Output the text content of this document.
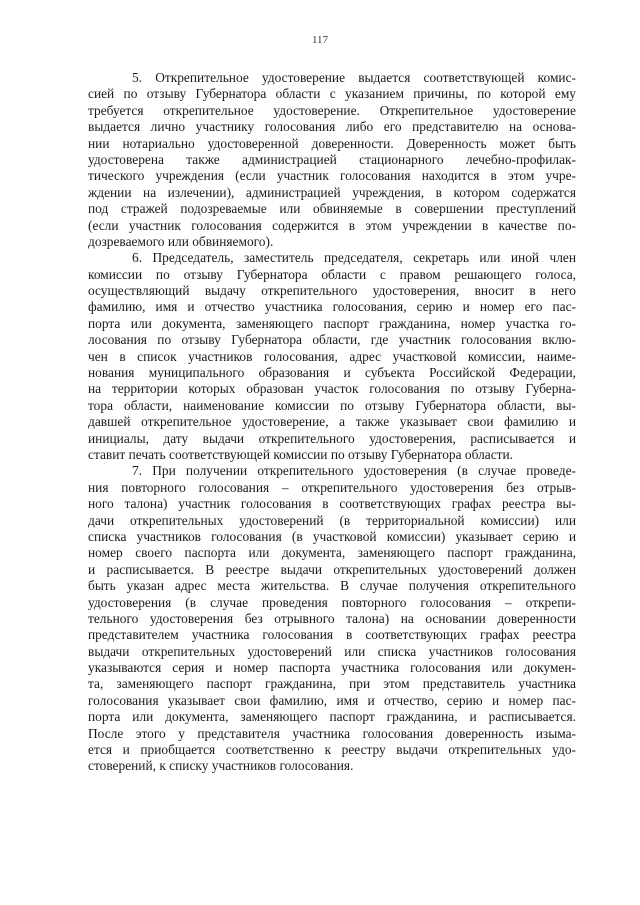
117
5. Открепительное удостоверение выдается соответствующей комис-
сией по отзыву Губернатора области с указанием причины, по которой ему
требуется открепительное удостоверение. Открепительное удостоверение
выдается лично участнику голосования либо его представителю на основа-
нии нотариально удостоверенной доверенности. Доверенность может быть
удостоверена также администрацией стационарного лечебно-профилак-
тического учреждения (если участник голосования находится в этом учре-
ждении на излечении), администрацией учреждения, в котором содержатся
под стражей подозреваемые или обвиняемые в совершении преступлений
(если участник голосования содержится в этом учреждении в качестве по-
дозреваемого или обвиняемого).
6. Председатель, заместитель председателя, секретарь или иной член
комиссии по отзыву Губернатора области с правом решающего голоса,
осуществляющий выдачу открепительного удостоверения, вносит в него
фамилию, имя и отчество участника голосования, серию и номер его пас-
порта или документа, заменяющего паспорт гражданина, номер участка го-
лосования по отзыву Губернатора области, где участник голосования вклю-
чен в список участников голосования, адрес участковой комиссии, наиме-
нования муниципального образования и субъекта Российской Федерации,
на территории которых образован участок голосования по отзыву Губерна-
тора области, наименование комиссии по отзыву Губернатора области, вы-
давшей открепительное удостоверение, а также указывает свои фамилию и
инициалы, дату выдачи открепительного удостоверения, расписывается и
ставит печать соответствующей комиссии по отзыву Губернатора области.
7. При получении открепительного удостоверения (в случае проведе-
ния повторного голосования – открепительного удостоверения без отрыв-
ного талона) участник голосования в соответствующих графах реестра вы-
дачи открепительных удостоверений (в территориальной комиссии) или
списка участников голосования (в участковой комиссии) указывает серию и
номер своего паспорта или документа, заменяющего паспорт гражданина,
и расписывается. В реестре выдачи открепительных удостоверений должен
быть указан адрес места жительства. В случае получения открепительного
удостоверения (в случае проведения повторного голосования – открепи-
тельного удостоверения без отрывного талона) на основании доверенности
представителем участника голосования в соответствующих графах реестра
выдачи открепительных удостоверений или списка участников голосования
указываются серия и номер паспорта участника голосования или докумен-
та, заменяющего паспорт гражданина, при этом представитель участника
голосования указывает свои фамилию, имя и отчество, серию и номер пас-
порта или документа, заменяющего паспорт гражданина, и расписывается.
После этого у представителя участника голосования доверенность изыма-
ется и приобщается соответственно к реестру выдачи открепительных удо-
стоверений, к списку участников голосования.
